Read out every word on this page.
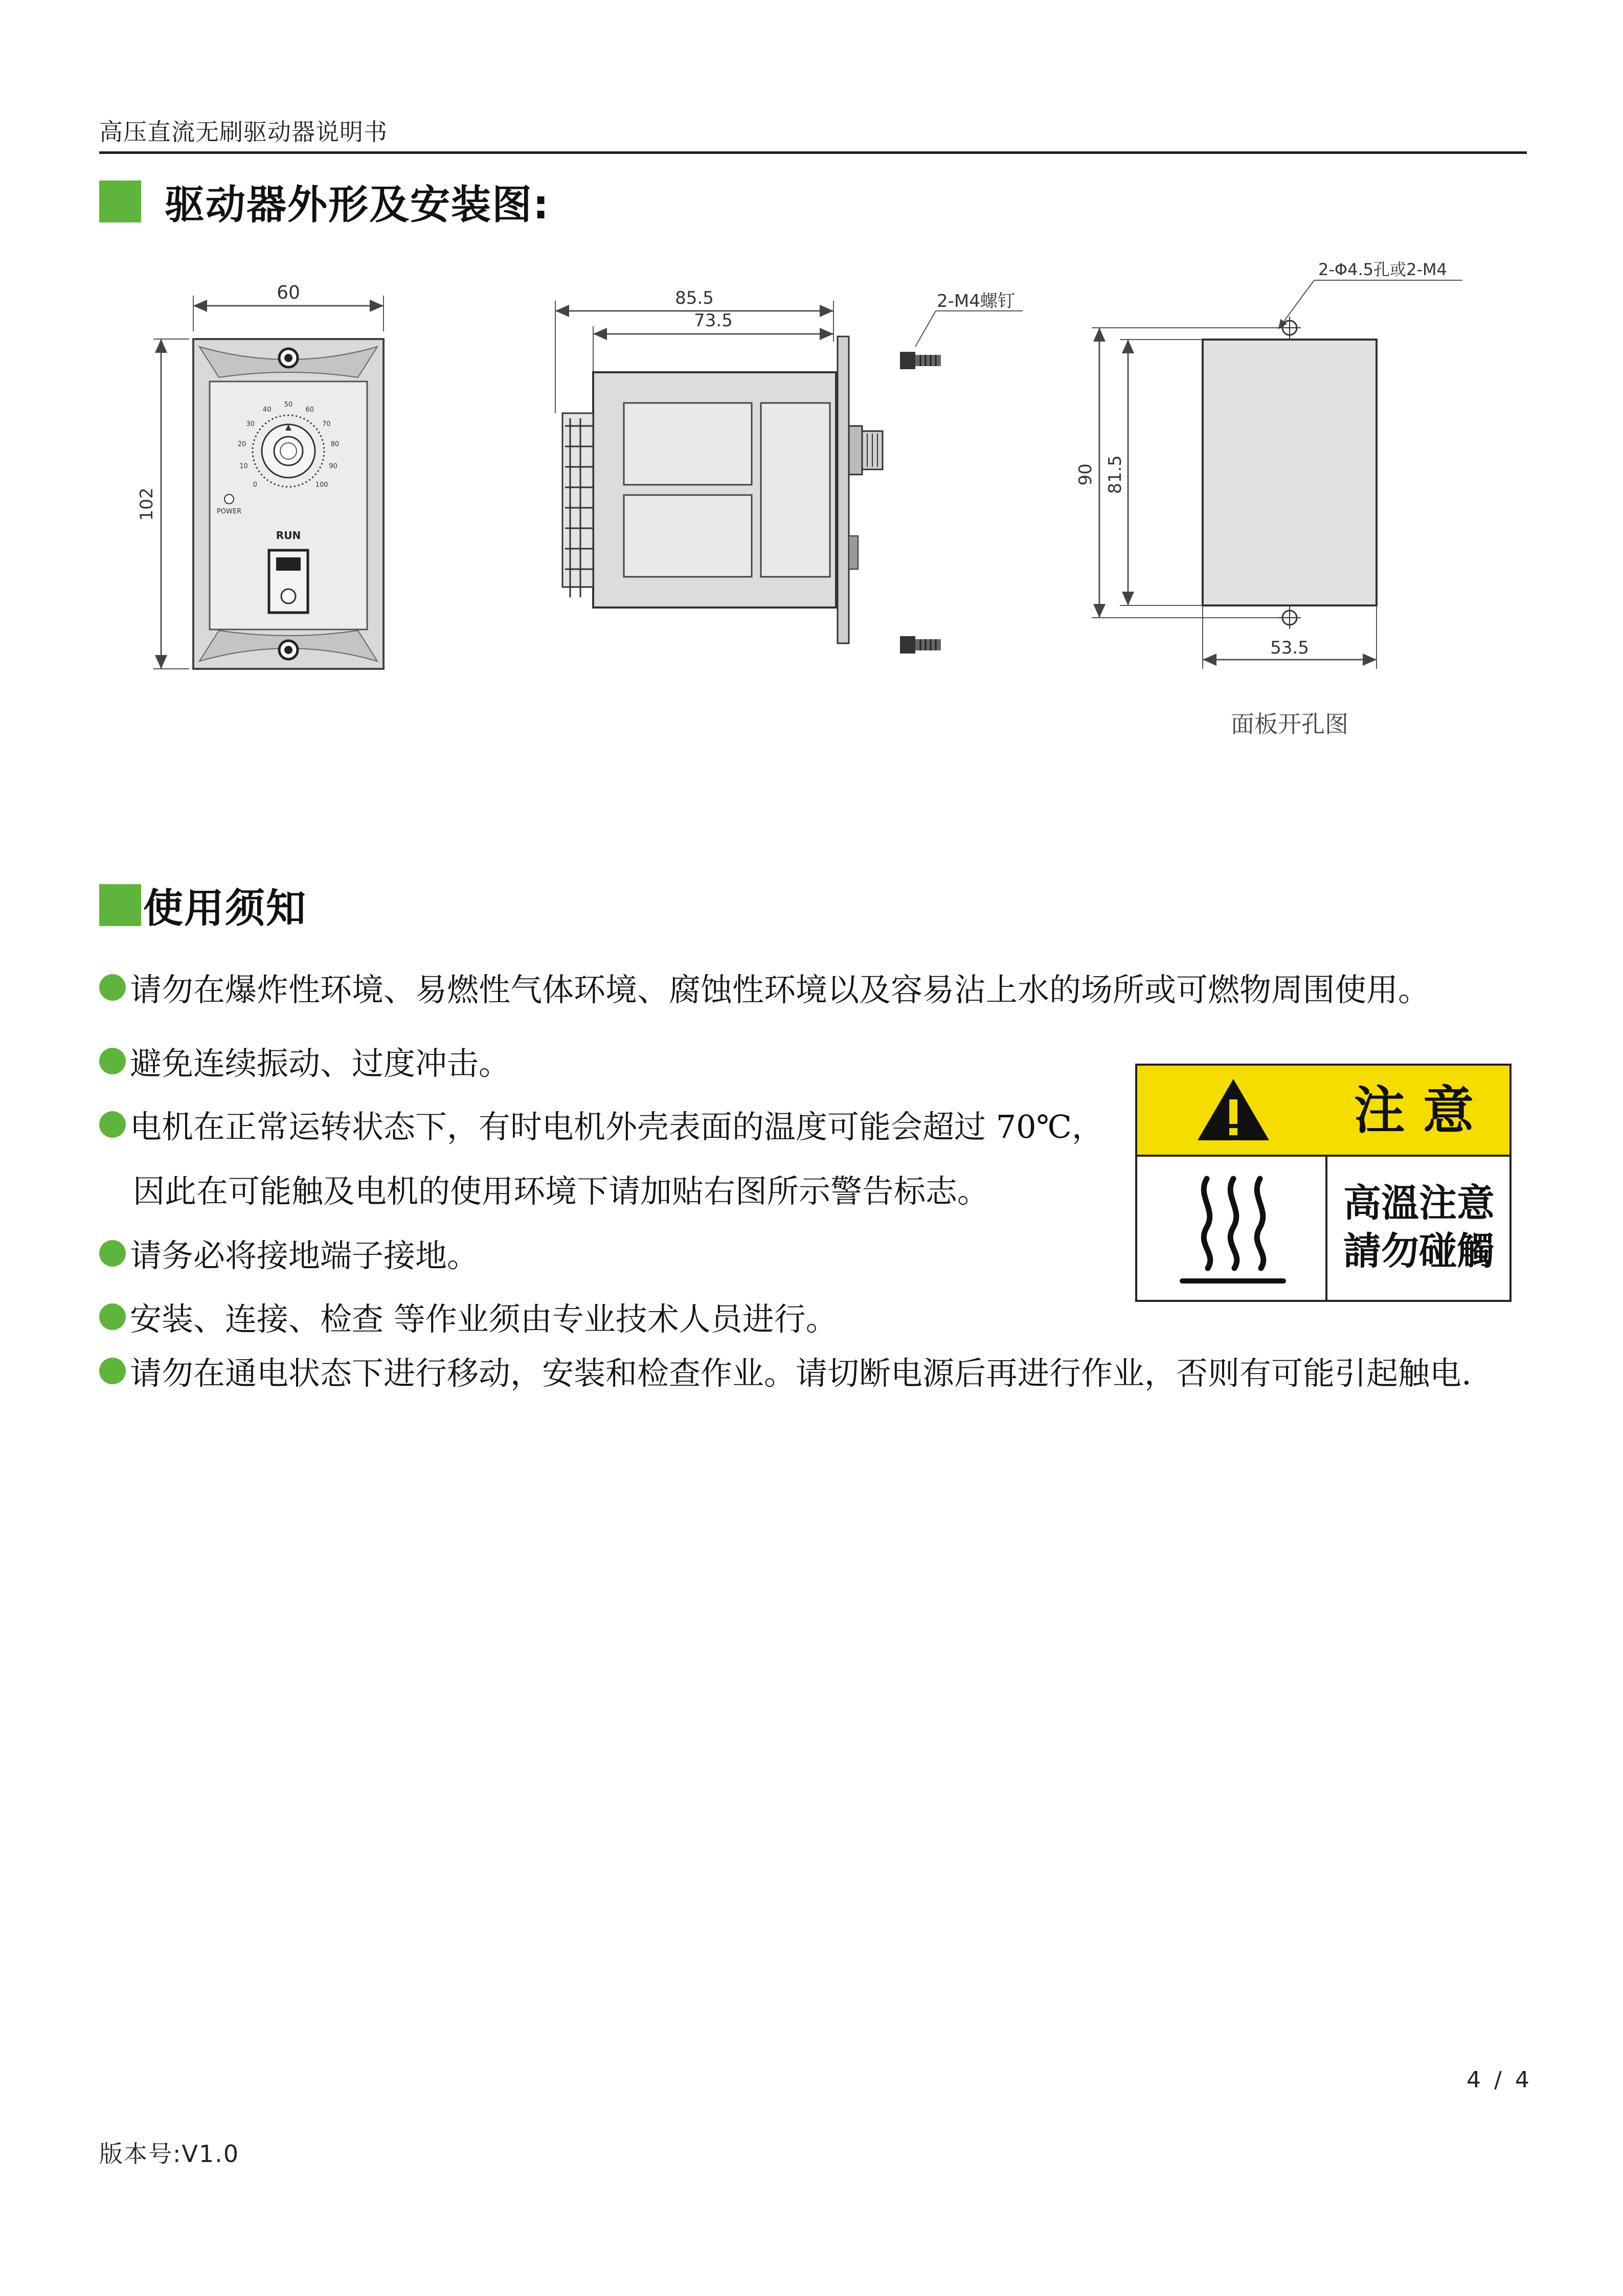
高压直流无刷驱动器说明书
驱动器外形及安装图:
60
102
0
10
20
30
40
50
60
70
80
90
100
POWER
RUN
85.5
73.5
2-M4螺钉
2-Φ4.5孔或2-M4
90 81.5
53.5
面板开孔图
使用须知
请勿在爆炸性环境、易燃性气体环境、腐蚀性环境以及容易沾上水的场所或可燃物周围使用。
避免连续振动、过度冲击。
电机在正常运转状态下，有时电机外壳表面的温度可能会超过 70℃，
因此在可能触及电机的使用环境下请加贴右图所示警告标志。
请务必将接地端子接地。
安装、连接、检查 等作业须由专业技术人员进行。
请勿在通电状态下进行移动，安装和检查作业。请切断电源后再进行作业，否则有可能引起触电.
注 意
高溫注意
請勿碰觸
4 / 4
版本号:V1.0
